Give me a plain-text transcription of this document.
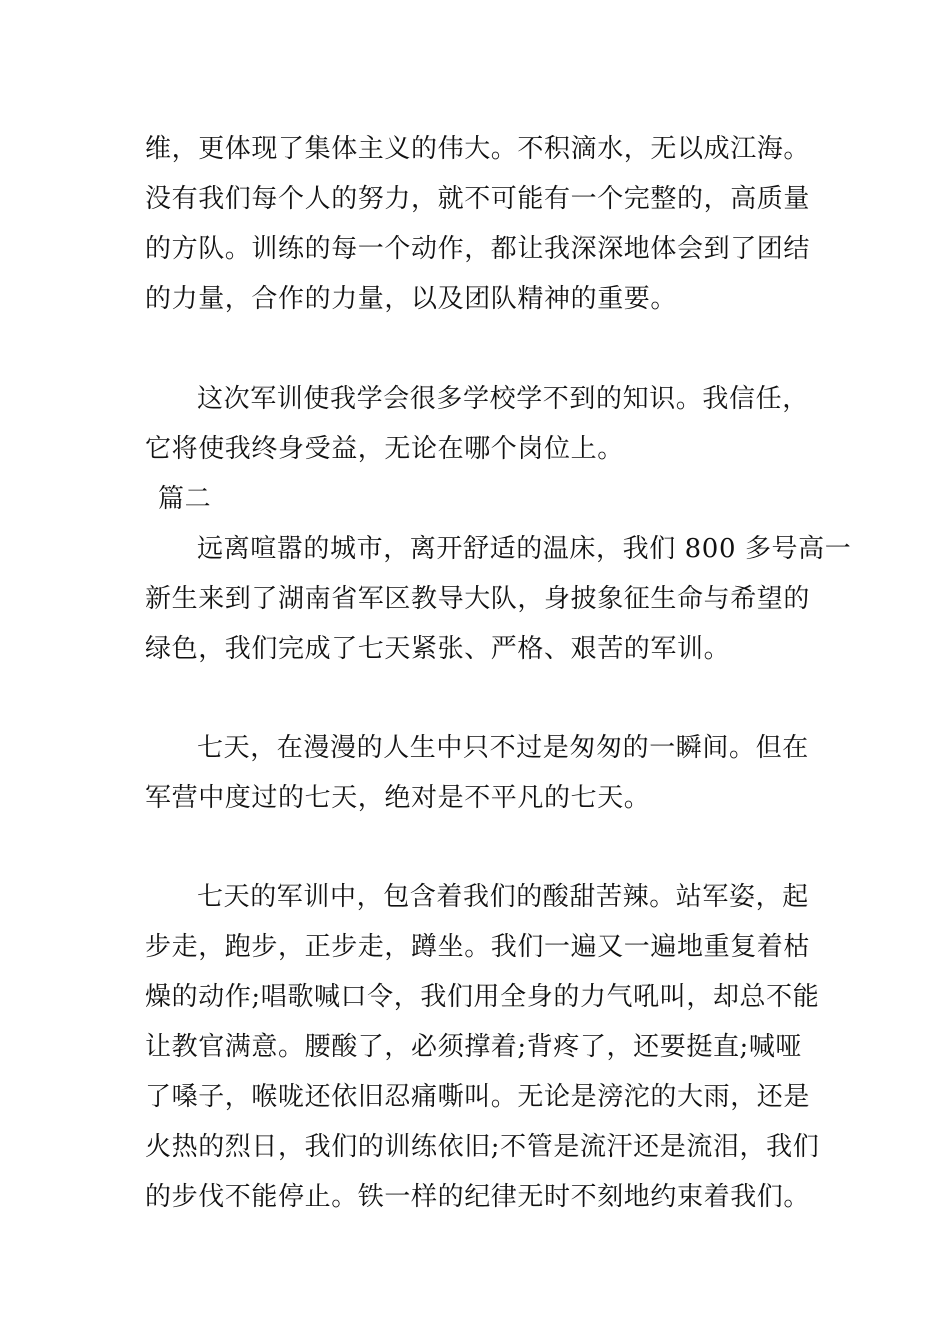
维，更体现了集体主义的伟大。不积滴水，无以成江海。
没有我们每个人的努力，就不可能有一个完整的，高质量
的方队。训练的每一个动作，都让我深深地体会到了团结
的力量，合作的力量，以及团队精神的重要。
这次军训使我学会很多学校学不到的知识。我信任，
它将使我终身受益，无论在哪个岗位上。
篇二
远离喧嚣的城市，离开舒适的温床，我们 800 多号高一
新生来到了湖南省军区教导大队，身披象征生命与希望的
绿色，我们完成了七天紧张、严格、艰苦的军训。
七天，在漫漫的人生中只不过是匆匆的一瞬间。但在
军营中度过的七天，绝对是不平凡的七天。
七天的军训中，包含着我们的酸甜苦辣。站军姿，起
步走，跑步，正步走，蹲坐。我们一遍又一遍地重复着枯
燥的动作;唱歌喊口令，我们用全身的力气吼叫，却总不能
让教官满意。腰酸了，必须撑着;背疼了，还要挺直;喊哑
了嗓子，喉咙还依旧忍痛嘶叫。无论是滂沱的大雨，还是
火热的烈日，我们的训练依旧;不管是流汗还是流泪，我们
的步伐不能停止。铁一样的纪律无时不刻地约束着我们。
